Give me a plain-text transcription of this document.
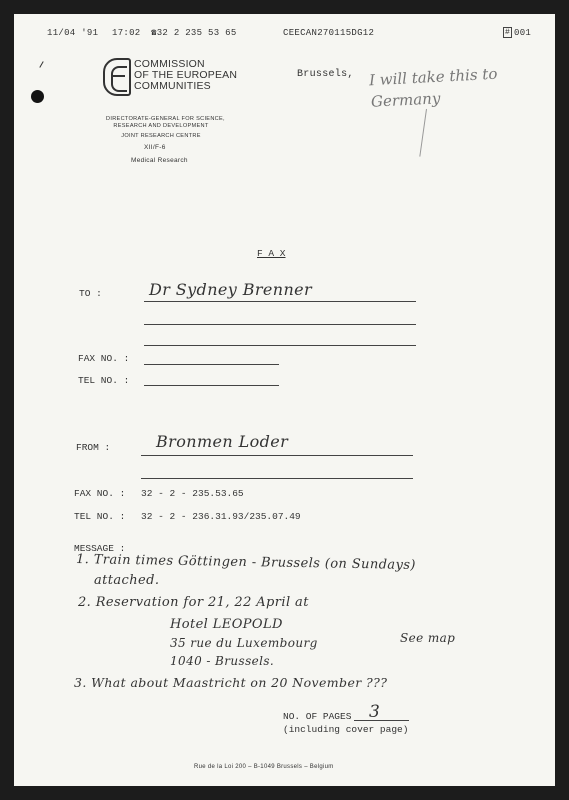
11/04 '91 17:02 ☎32 2 235 53 65	CEECAN270115DG12	# 001
COMMISSION
OF THE EUROPEAN
COMMUNITIES
DIRECTORATE-GENERAL FOR SCIENCE,
RESEARCH AND DEVELOPMENT
JOINT RESEARCH CENTRE
XII/F-6
Medical Research
Brussels, I will take this to
Germany
F A X
TO :	Dr Sydney Brenner
FAX NO. :
TEL NO. :
FROM :	Bronmen Loder
FAX NO. : 32 - 2 - 235.53.65
TEL NO. : 32 - 2 - 236.31.93/235.07.49
MESSAGE :
1. Train times Göttingen - Brussels (on Sundays)
attached.
2. Reservation for 21, 22 April at
Hotel LEOPOLD
35 rue du Luxembourg	See map
1040 - Brussels.
3. What about Maastricht on 20 November ???
NO. OF PAGES 3
(including cover page)
Rue de la Loi 200 – B-1049 Brussels – Belgium
